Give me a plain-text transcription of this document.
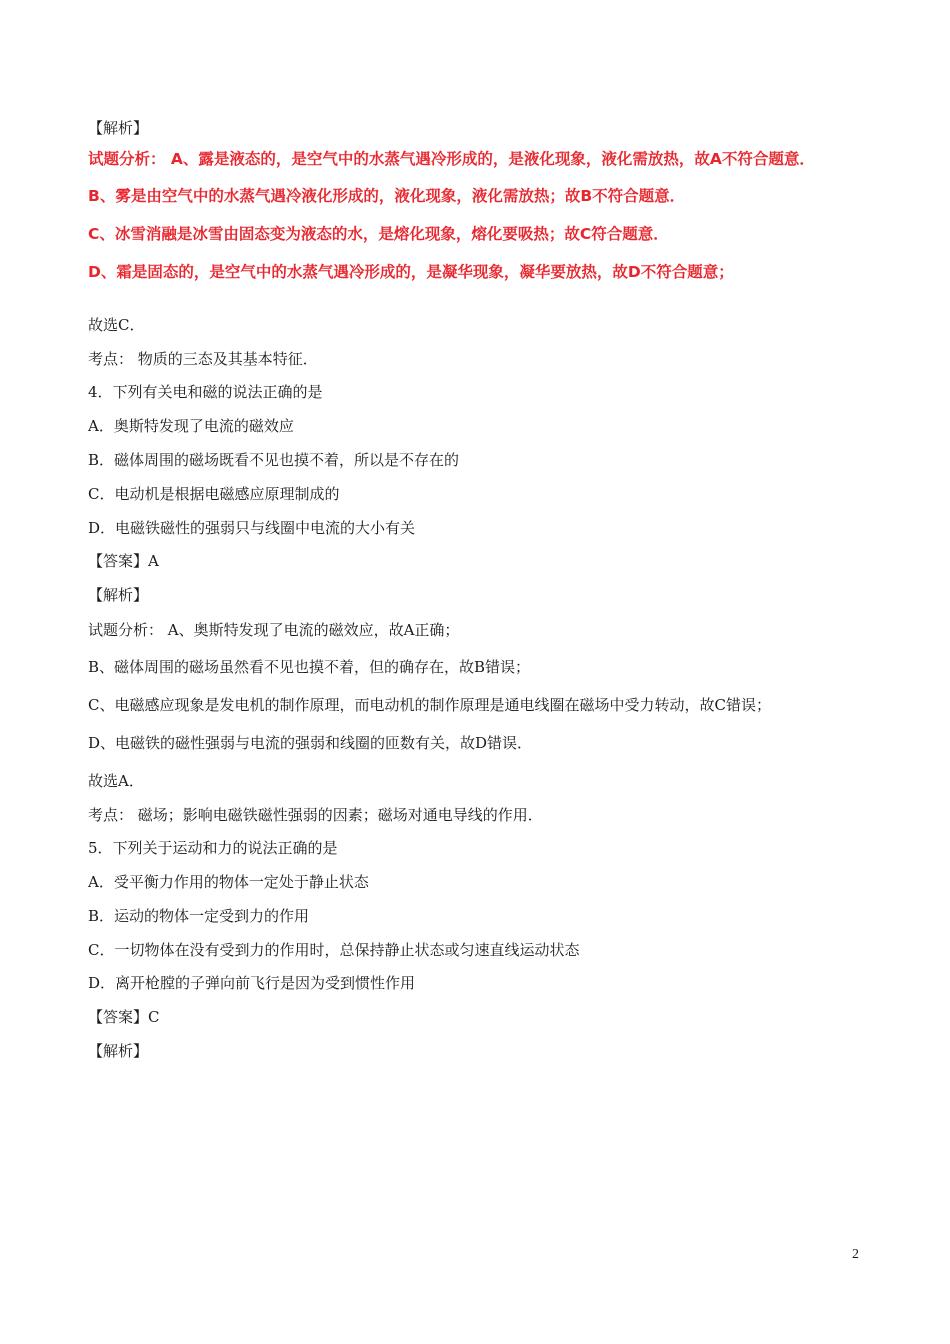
【解析】
试题分析： A、露是液态的，是空气中的水蒸气遇冷形成的，是液化现象，液化需放热，故A不符合题意．
B、雾是由空气中的水蒸气遇冷液化形成的，液化现象，液化需放热；故B不符合题意．
C、冰雪消融是冰雪由固态变为液态的水，是熔化现象，熔化要吸热；故C符合题意．
D、霜是固态的，是空气中的水蒸气遇冷形成的，是凝华现象，凝华要放热，故D不符合题意；
故选C．
考点： 物质的三态及其基本特征．
4．下列有关电和磁的说法正确的是
A．奥斯特发现了电流的磁效应
B．磁体周围的磁场既看不见也摸不着，所以是不存在的
C．电动机是根据电磁感应原理制成的
D．电磁铁磁性的强弱只与线圈中电流的大小有关
【答案】A
【解析】
试题分析： A、奥斯特发现了电流的磁效应，故A正确；
B、磁体周围的磁场虽然看不见也摸不着，但的确存在，故B错误；
C、电磁感应现象是发电机的制作原理，而电动机的制作原理是通电线圈在磁场中受力转动，故C错误；
D、电磁铁的磁性强弱与电流的强弱和线圈的匝数有关，故D错误．
故选A．
考点： 磁场；影响电磁铁磁性强弱的因素；磁场对通电导线的作用．
5．下列关于运动和力的说法正确的是
A．受平衡力作用的物体一定处于静止状态
B．运动的物体一定受到力的作用
C．一切物体在没有受到力的作用时，总保持静止状态或匀速直线运动状态
D．离开枪膛的子弹向前飞行是因为受到惯性作用
【答案】C
【解析】
2
